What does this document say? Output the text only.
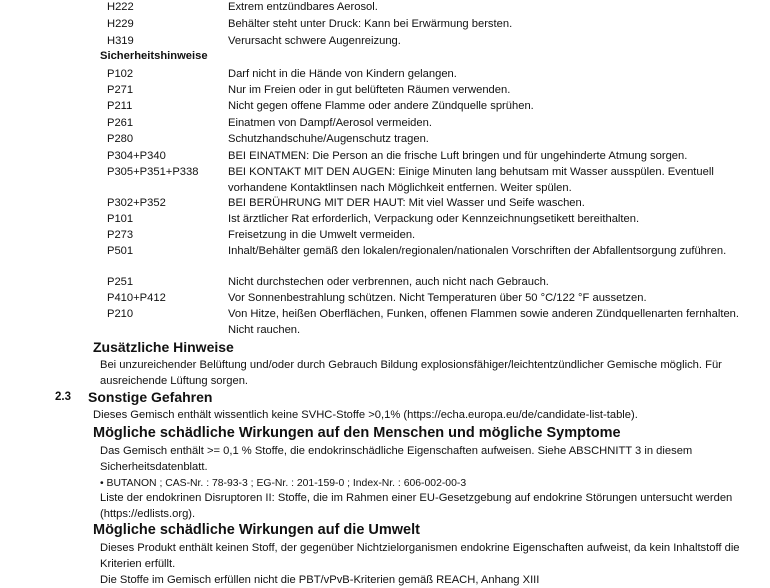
H222	Extrem entzündbares Aerosol.
H229	Behälter steht unter Druck: Kann bei Erwärmung bersten.
H319	Verursacht schwere Augenreizung.
Sicherheitshinweise
P102	Darf nicht in die Hände von Kindern gelangen.
P271	Nur im Freien oder in gut belüfteten Räumen verwenden.
P211	Nicht gegen offene Flamme oder andere Zündquelle sprühen.
P261	Einatmen von Dampf/Aerosol vermeiden.
P280	Schutzhandschuhe/Augenschutz tragen.
P304+P340	BEI EINATMEN: Die Person an die frische Luft bringen und für ungehinderte Atmung sorgen.
P305+P351+P338	BEI KONTAKT MIT DEN AUGEN: Einige Minuten lang behutsam mit Wasser ausspülen. Eventuell vorhandene Kontaktlinsen nach Möglichkeit entfernen. Weiter spülen.
P302+P352	BEI BERÜHRUNG MIT DER HAUT: Mit viel Wasser und Seife waschen.
P101	Ist ärztlicher Rat erforderlich, Verpackung oder Kennzeichnungsetikett bereithalten.
P273	Freisetzung in die Umwelt vermeiden.
P501	Inhalt/Behälter gemäß den lokalen/regionalen/nationalen Vorschriften der Abfallentsorgung zuführen.
P251	Nicht durchstechen oder verbrennen, auch nicht nach Gebrauch.
P410+P412	Vor Sonnenbestrahlung schützen. Nicht Temperaturen über 50 °C/122 °F aussetzen.
P210	Von Hitze, heißen Oberflächen, Funken, offenen Flammen sowie anderen Zündquellenarten fernhalten. Nicht rauchen.
Zusätzliche Hinweise
Bei unzureichender Belüftung und/oder durch Gebrauch Bildung explosionsfähiger/leichtentzündlicher Gemische möglich. Für ausreichende Lüftung sorgen.
2.3 Sonstige Gefahren
Dieses Gemisch enthält wissentlich keine SVHC-Stoffe >0,1% (https://echa.europa.eu/de/candidate-list-table).
Mögliche schädliche Wirkungen auf den Menschen und mögliche Symptome
Das Gemisch enthält >= 0,1 % Stoffe, die endokrinschädliche Eigenschaften aufweisen. Siehe ABSCHNITT 3 in diesem Sicherheitsdatenblatt.
• BUTANON ; CAS-Nr. : 78-93-3 ; EG-Nr. : 201-159-0 ; Index-Nr. : 606-002-00-3
Liste der endokrinen Disruptoren II: Stoffe, die im Rahmen einer EU-Gesetzgebung auf endokrine Störungen untersucht werden (https://edlists.org).
Mögliche schädliche Wirkungen auf die Umwelt
Dieses Produkt enthält keinen Stoff, der gegenüber Nichtzielorganismen endokrine Eigenschaften aufweist, da kein Inhaltstoff die Kriterien erfüllt.
Die Stoffe im Gemisch erfüllen nicht die PBT/vPvB-Kriterien gemäß REACH, Anhang XIII
